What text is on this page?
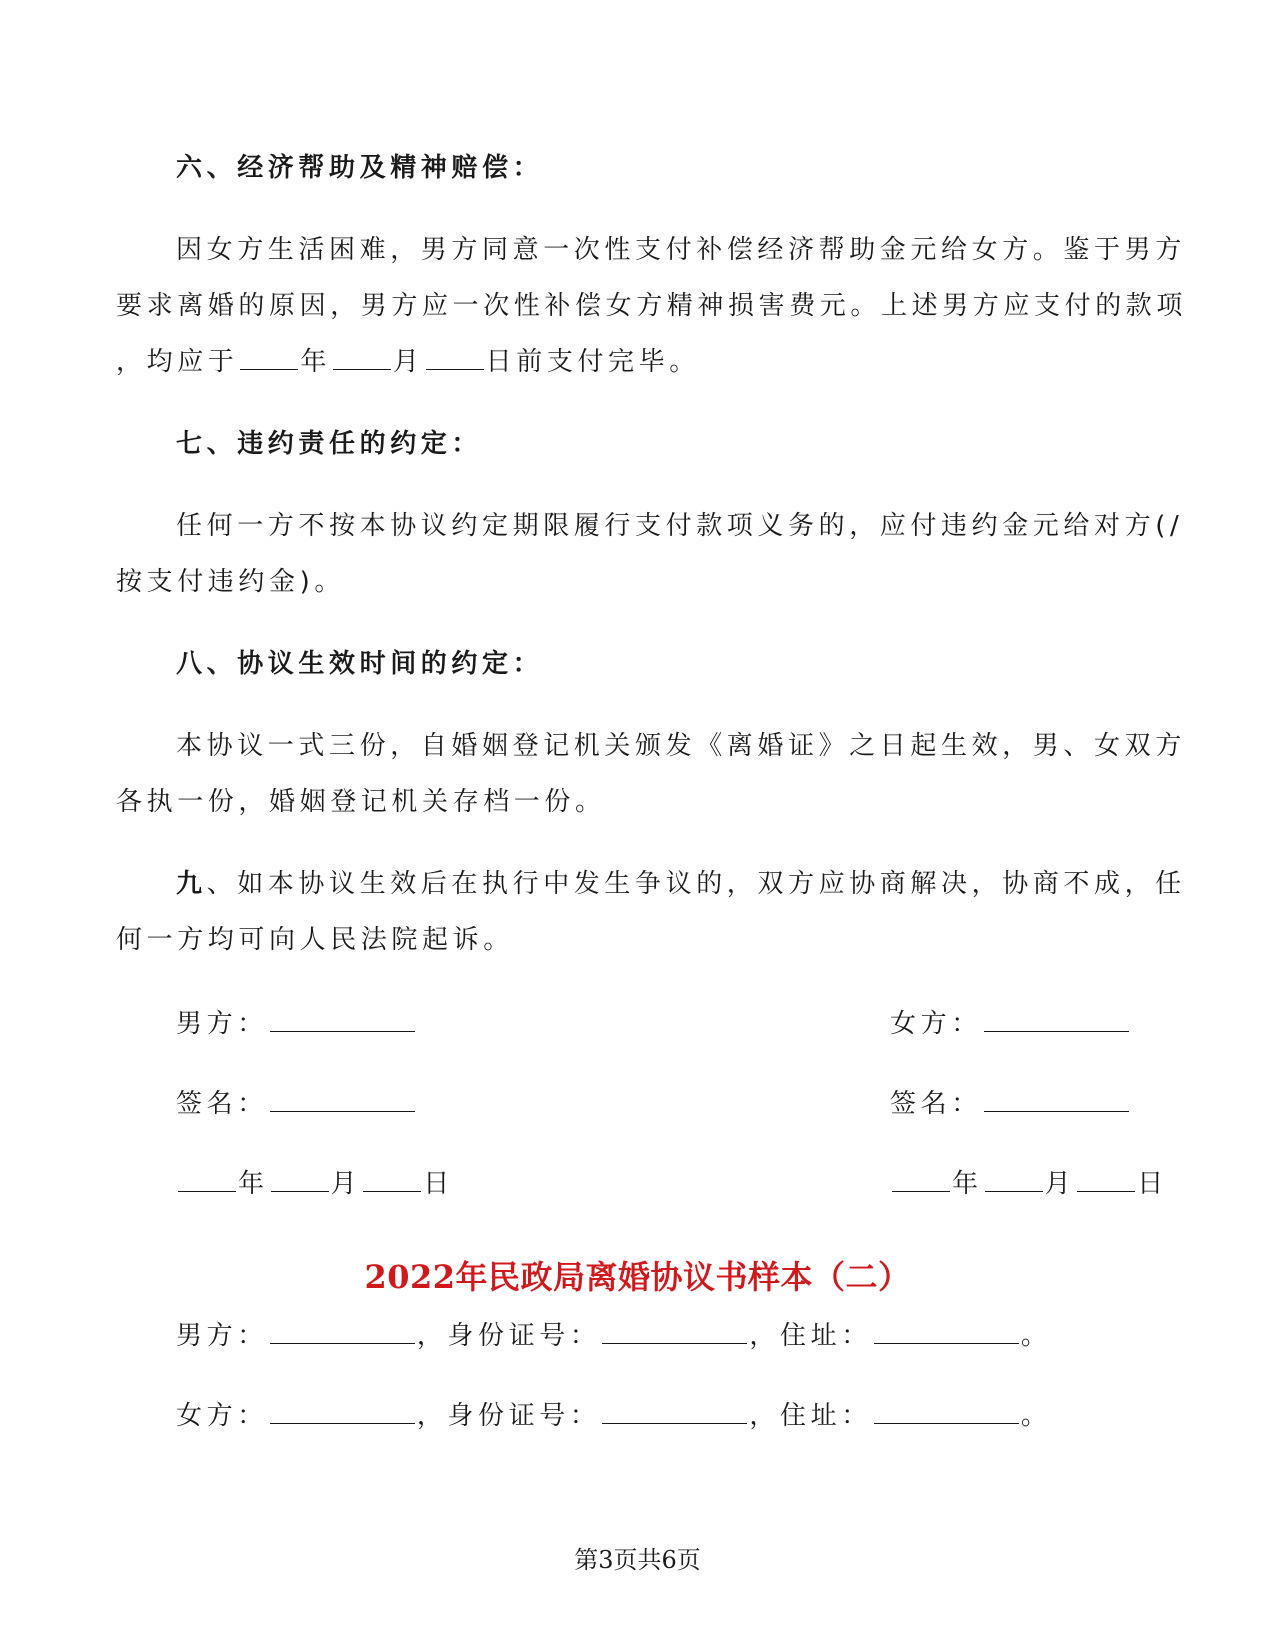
六、经济帮助及精神赔偿：
因女方生活困难，男方同意一次性支付补偿经济帮助金元给女方。鉴于男方
要求离婚的原因，男方应一次性补偿女方精神损害费元。上述男方应支付的款项
，均应于 年 月 日前支付完毕。
七、违约责任的约定：
任何一方不按本协议约定期限履行支付款项义务的，应付违约金元给对方(/
按支付违约金)。
八、协议生效时间的约定：
本协议一式三份，自婚姻登记机关颁发《离婚证》之日起生效，男、女双方
各执一份，婚姻登记机关存档一份。
九、如本协议生效后在执行中发生争议的，双方应协商解决，协商不成，任
何一方均可向人民法院起诉。
男方：	女方：
签名：	签名：
年 月 日	年 月 日
2022年民政局离婚协议书样本（二）
男方：	，身份证号：	，住址：	。
女方：	，身份证号：	，住址：	。
第3页共6页
